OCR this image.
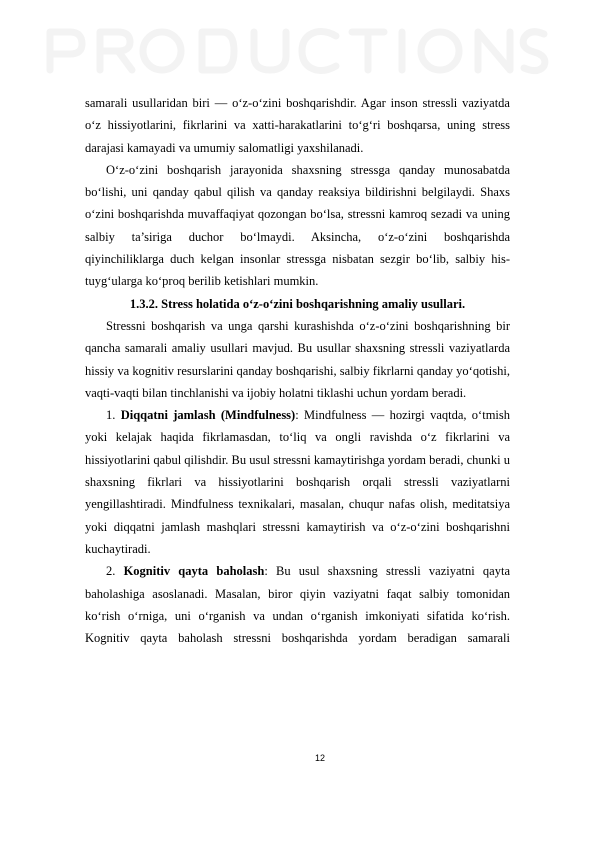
samarali usullaridan biri — o‘z-o‘zini boshqarishdir. Agar inson stressli vaziyatda o‘z hissiyotlarini, fikrlarini va xatti-harakatlarini to‘g‘ri boshqarsa, uning stress darajasi kamayadi va umumiy salomatligi yaxshilanadi.

O‘z-o‘zini boshqarish jarayonida shaxsning stressga qanday munosabatda bo‘lishi, uni qanday qabul qilish va qanday reaksiya bildirishni belgilaydi. Shaxs o‘zini boshqarishda muvaffaqiyat qozongan bo‘lsa, stressni kamroq sezadi va uning salbiy ta’siriga duchor bo‘lmaydi. Aksincha, o‘z-o‘zini boshqarishda qiyinchiliklarga duch kelgan insonlar stressga nisbatan sezgir bo‘lib, salbiy his-tuyg‘ularga ko‘proq berilib ketishlari mumkin.

1.3.2. Stress holatida o‘z-o‘zini boshqarishning amaliy usullari.

Stressni boshqarish va unga qarshi kurashishda o‘z-o‘zini boshqarishning bir qancha samarali amaliy usullari mavjud. Bu usullar shaxsning stressli vaziyatlarda hissiy va kognitiv resurslarini qanday boshqarishi, salbiy fikrlarni qanday yo‘qotishi, vaqti-vaqti bilan tinchlanishi va ijobiy holatni tiklashi uchun yordam beradi.

1. Diqqatni jamlash (Mindfulness): Mindfulness — hozirgi vaqtda, o‘tmish yoki kelajak haqida fikrlamasdan, to‘liq va ongli ravishda o‘z fikrlarini va hissiyotlarini qabul qilishdir. Bu usul stressni kamaytirishga yordam beradi, chunki u shaxsning fikrlari va hissiyotlarini boshqarish orqali stressli vaziyatlarni yengillashtiradi. Mindfulness texnikalari, masalan, chuqur nafas olish, meditatsiya yoki diqqatni jamlash mashqlari stressni kamaytirish va o‘z-o‘zini boshqarishni kuchaytiradi.

2. Kognitiv qayta baholash: Bu usul shaxsning stressli vaziyatni qayta baholashiga asoslanadi. Masalan, biror qiyin vaziyatni faqat salbiy tomonidan ko‘rish o‘rniga, uni o‘rganish va undan o‘rganish imkoniyati sifatida ko‘rish. Kognitiv qayta baholash stressni boshqarishda yordam beradigan samarali

12
